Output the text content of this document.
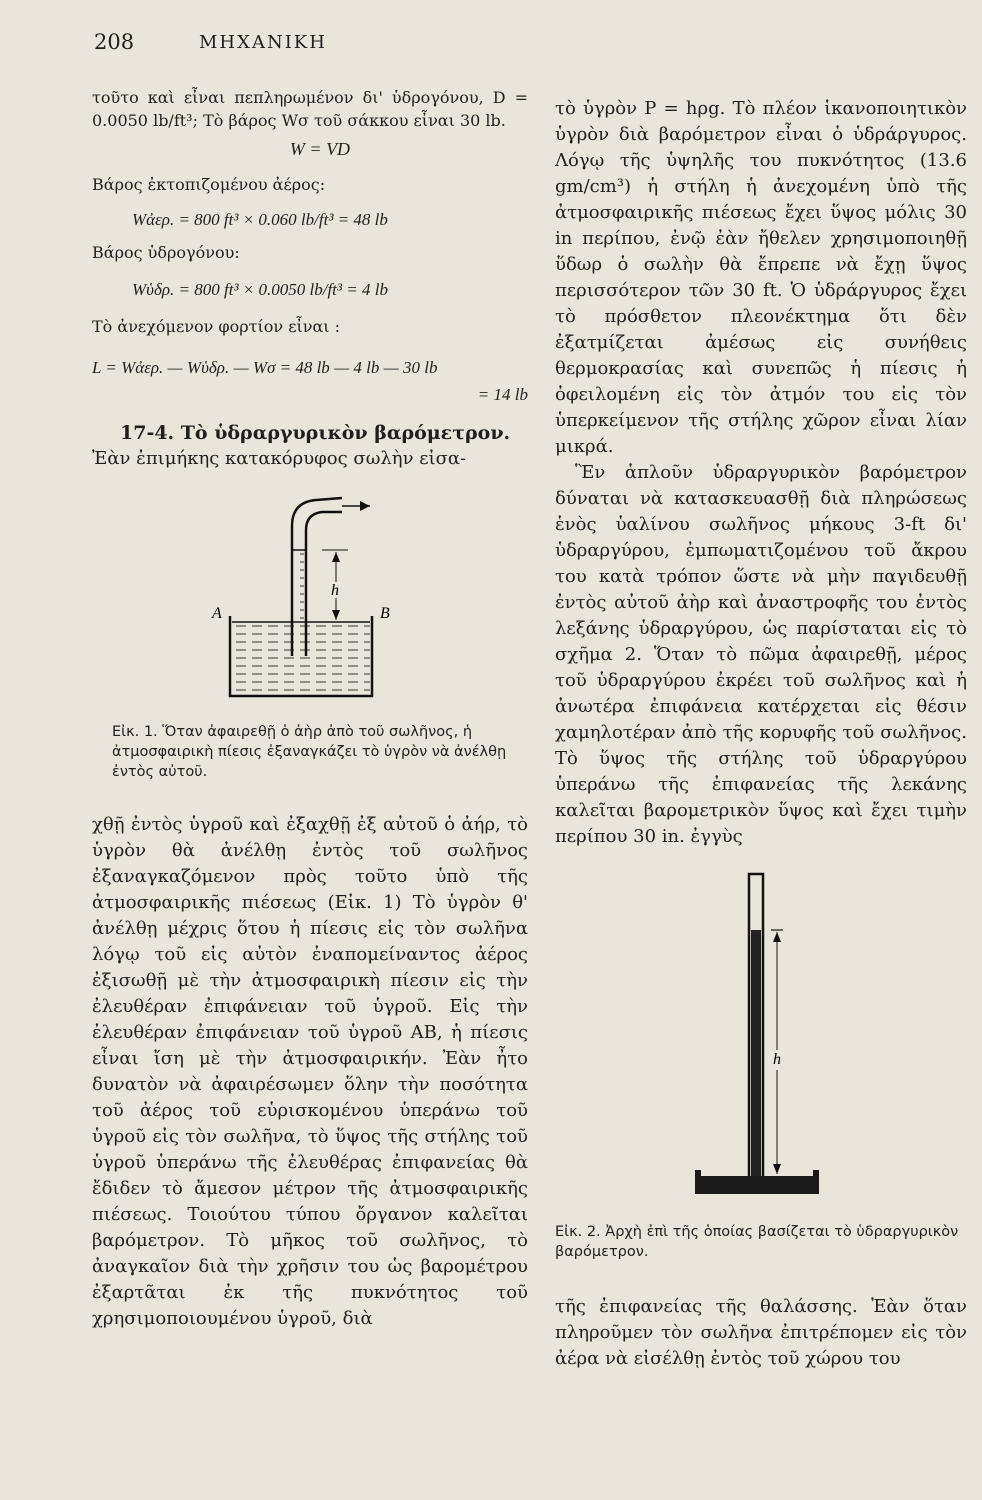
208	ΜΗΧΑΝΙΚΗ

τοῦτο καὶ εἶναι πεπληρωμένον δι' ὑδρογόνου, D = 0.0050 lb/ft³; Τὸ βάρος Wσ τοῦ σάκκου εἶναι 30 lb.

W = VD

Βάρος ἐκτοπιζομένου ἀέρος:

Wἀερ. = 800 ft³ × 0.060 lb/ft³ = 48 lb

Βάρος ὑδρογόνου:

Wὑδρ. = 800 ft³ × 0.0050 lb/ft³ = 4 lb

Τὸ ἀνεχόμενον φορτίον εἶναι :

L = Wἀερ. — Wὑδρ. — Wσ = 48 lb — 4 lb — 30 lb

= 14 lb

17-4. Τὸ ὑδραργυρικὸν βαρόμετρον.

Ἐὰν ἐπιμήκης κατακόρυφος σωλὴν εἰσα-

h
A	B

Εἰκ. 1. Ὅταν ἀφαιρεθῇ ὁ ἀὴρ ἀπὸ τοῦ σωλῆνος, ἡ ἀτμοσφαιρικὴ πίεσις ἐξαναγκάζει τὸ ὑγρὸν νὰ ἀνέλθῃ ἐντὸς αὐτοῦ.

χθῇ ἐντὸς ὑγροῦ καὶ ἐξαχθῇ ἐξ αὐτοῦ ὁ ἀήρ, τὸ ὑγρὸν θὰ ἀνέλθῃ ἐντὸς τοῦ σωλῆνος ἐξαναγκαζόμενον πρὸς τοῦτο ὑπὸ τῆς ἀτμοσφαιρικῆς πιέσεως (Εἰκ. 1) Τὸ ὑγρὸν θ' ἀνέλθῃ μέχρις ὅτου ἡ πίεσις εἰς τὸν σωλῆνα λόγῳ τοῦ εἰς αὐτὸν ἐναπομείναντος ἀέρος ἐξισωθῇ μὲ τὴν ἀτμοσφαιρικὴ πίεσιν εἰς τὴν ἐλευθέραν ἐπιφάνειαν τοῦ ὑγροῦ. Εἰς τὴν ἐλευθέραν ἐπιφάνειαν τοῦ ὑγροῦ AB, ἡ πίεσις εἶναι ἴση μὲ τὴν ἀτμοσφαιρικήν. Ἐὰν ἦτο δυνατὸν νὰ ἀφαιρέσωμεν ὅλην τὴν ποσότητα τοῦ ἀέρος τοῦ εὑρισκομένου ὑπεράνω τοῦ ὑγροῦ εἰς τὸν σωλῆνα, τὸ ὕψος τῆς στήλης τοῦ ὑγροῦ ὑπεράνω τῆς ἐλευθέρας ἐπιφανείας θὰ ἔδιδεν τὸ ἄμεσον μέτρον τῆς ἀτμοσφαιρικῆς πιέσεως. Τοιούτου τύπου ὄργανον καλεῖται βαρόμετρον. Τὸ μῆκος τοῦ σωλῆνος, τὸ ἀναγκαῖον διὰ τὴν χρῆσιν του ὡς βαρομέτρου ἐξαρτᾶται ἐκ τῆς πυκνότητος τοῦ χρησιμοποιουμένου ὑγροῦ, διὰ

τὸ ὑγρὸν P = hρg. Τὸ πλέον ἱκανοποιητικὸν ὑγρὸν διὰ βαρόμετρον εἶναι ὁ ὑδράργυρος. Λόγῳ τῆς ὑψηλῆς του πυκνότητος (13.6 gm/cm³) ἡ στήλη ἡ ἀνεχομένη ὑπὸ τῆς ἀτμοσφαιρικῆς πιέσεως ἔχει ὕψος μόλις 30 in περίπου, ἐνῷ ἐὰν ἤθελεν χρησιμοποιηθῇ ὕδωρ ὁ σωλὴν θὰ ἔπρεπε νὰ ἔχῃ ὕψος περισσότερον τῶν 30 ft. Ὁ ὑδράργυρος ἔχει τὸ πρόσθετον πλεονέκτημα ὅτι δὲν ἐξατμίζεται ἀμέσως εἰς συνήθεις θερμοκρασίας καὶ συνεπῶς ἡ πίεσις ἡ ὀφειλομένη εἰς τὸν ἀτμόν του εἰς τὸν ὑπερκείμενον τῆς στήλης χῶρον εἶναι λίαν μικρά.

Ἓν ἁπλοῦν ὑδραργυρικὸν βαρόμετρον δύναται νὰ κατασκευασθῇ διὰ πληρώσεως ἑνὸς ὑαλίνου σωλῆνος μήκους 3-ft δι' ὑδραργύρου, ἐμπωματιζομένου τοῦ ἄκρου του κατὰ τρόπον ὥστε νὰ μὴν παγιδευθῇ ἐντὸς αὐτοῦ ἀὴρ καὶ ἀναστροφῆς του ἐντὸς λεξάνης ὑδραργύρου, ὡς παρίσταται εἰς τὸ σχῆμα 2. Ὅταν τὸ πῶμα ἀφαιρεθῇ, μέρος τοῦ ὑδραργύρου ἐκρέει τοῦ σωλῆνος καὶ ἡ ἀνωτέρα ἐπιφάνεια κατέρχεται εἰς θέσιν χαμηλοτέραν ἀπὸ τῆς κορυφῆς τοῦ σωλῆνος. Τὸ ὕψος τῆς στήλης τοῦ ὑδραργύρου ὑπεράνω τῆς ἐπιφανείας τῆς λεκάνης καλεῖται βαρομετρικὸν ὕψος καὶ ἔχει τιμὴν περίπου 30 in. ἐγγὺς

h

Εἰκ. 2. Ἀρχὴ ἐπὶ τῆς ὁποίας βασίζεται τὸ ὑδραργυρικὸν βαρόμετρον.

τῆς ἐπιφανείας τῆς θαλάσσης. Ἐὰν ὅταν πληροῦμεν τὸν σωλῆνα ἐπιτρέπομεν εἰς τὸν ἀέρα νὰ εἰσέλθῃ ἐντὸς τοῦ χώρου του
